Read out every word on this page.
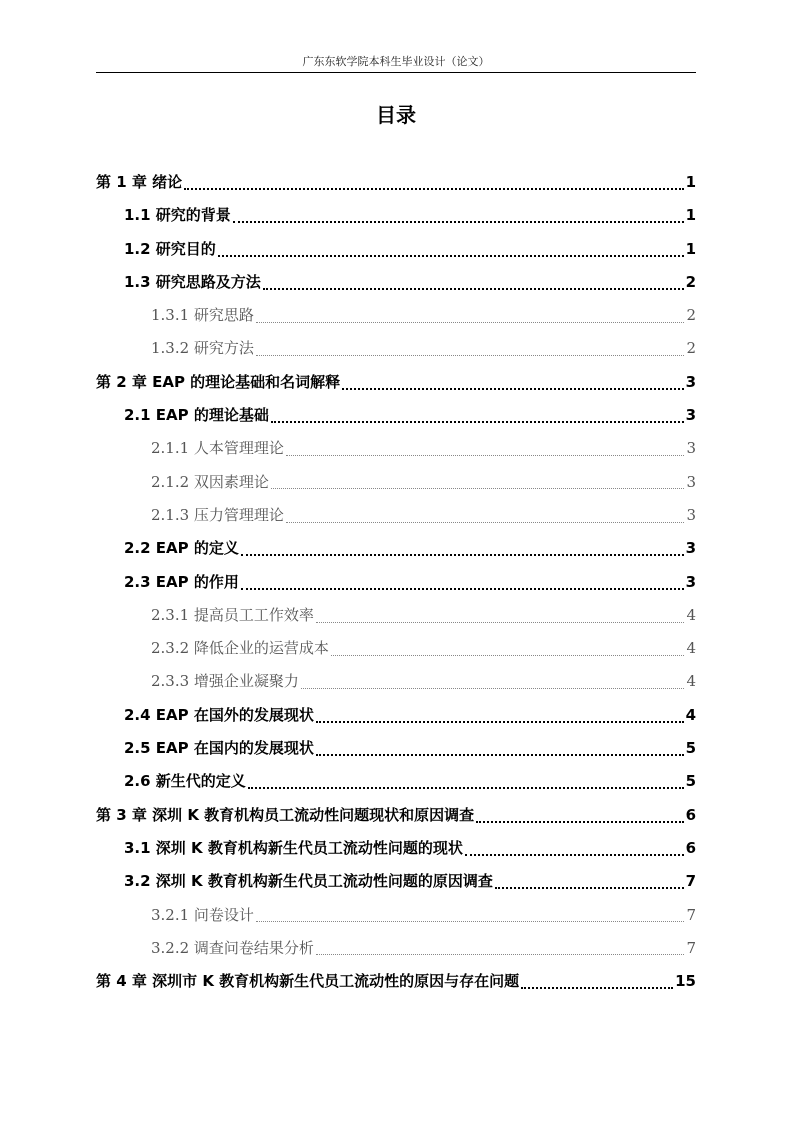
广东东软学院本科生毕业设计（论文）
目录
第 1 章 绪论	1
1.1 研究的背景	1
1.2 研究目的	1
1.3 研究思路及方法	2
1.3.1 研究思路	2
1.3.2 研究方法	2
第 2 章 EAP 的理论基础和名词解释	3
2.1 EAP 的理论基础	3
2.1.1 人本管理理论	3
2.1.2 双因素理论	3
2.1.3 压力管理理论	3
2.2 EAP 的定义	3
2.3 EAP 的作用	3
2.3.1 提高员工工作效率	4
2.3.2 降低企业的运营成本	4
2.3.3 增强企业凝聚力	4
2.4 EAP 在国外的发展现状	4
2.5 EAP 在国内的发展现状	5
2.6 新生代的定义	5
第 3 章 深圳 K 教育机构员工流动性问题现状和原因调查	6
3.1 深圳 K 教育机构新生代员工流动性问题的现状	6
3.2 深圳 K 教育机构新生代员工流动性问题的原因调查	7
3.2.1 问卷设计	7
3.2.2 调查问卷结果分析	7
第 4 章 深圳市 K 教育机构新生代员工流动性的原因与存在问题	15
